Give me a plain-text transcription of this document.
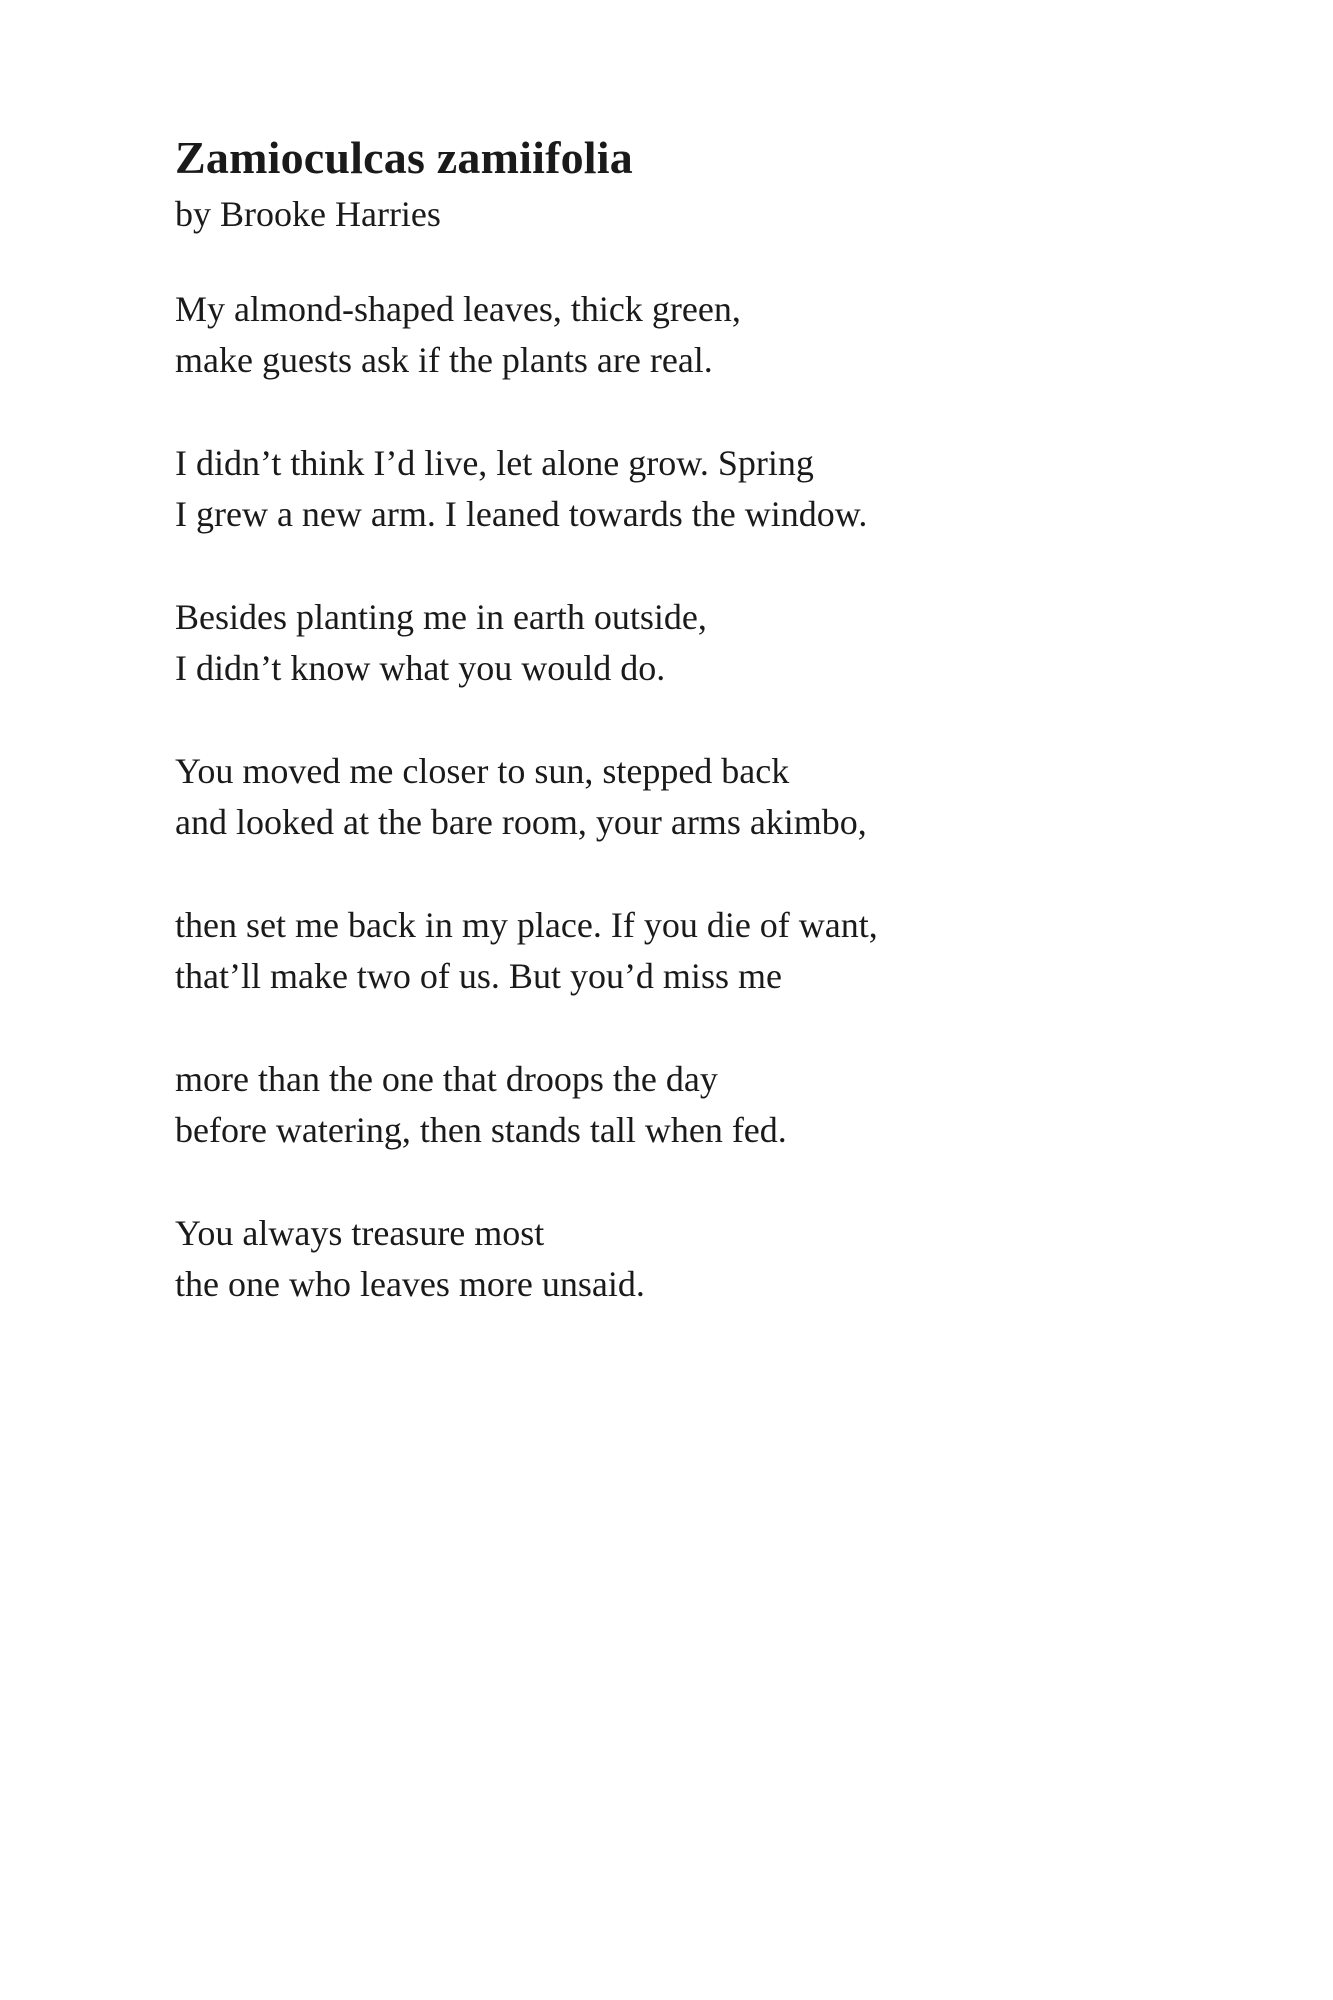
Zamioculcas zamiifolia

by Brooke Harries

My almond-shaped leaves, thick green,
make guests ask if the plants are real.
I didn’t think I’d live, let alone grow. Spring
I grew a new arm. I leaned towards the window.
Besides planting me in earth outside,
I didn’t know what you would do.
You moved me closer to sun, stepped back
and looked at the bare room, your arms akimbo,
then set me back in my place. If you die of want,
that’ll make two of us. But you’d miss me
more than the one that droops the day
before watering, then stands tall when fed.
You always treasure most
the one who leaves more unsaid.
